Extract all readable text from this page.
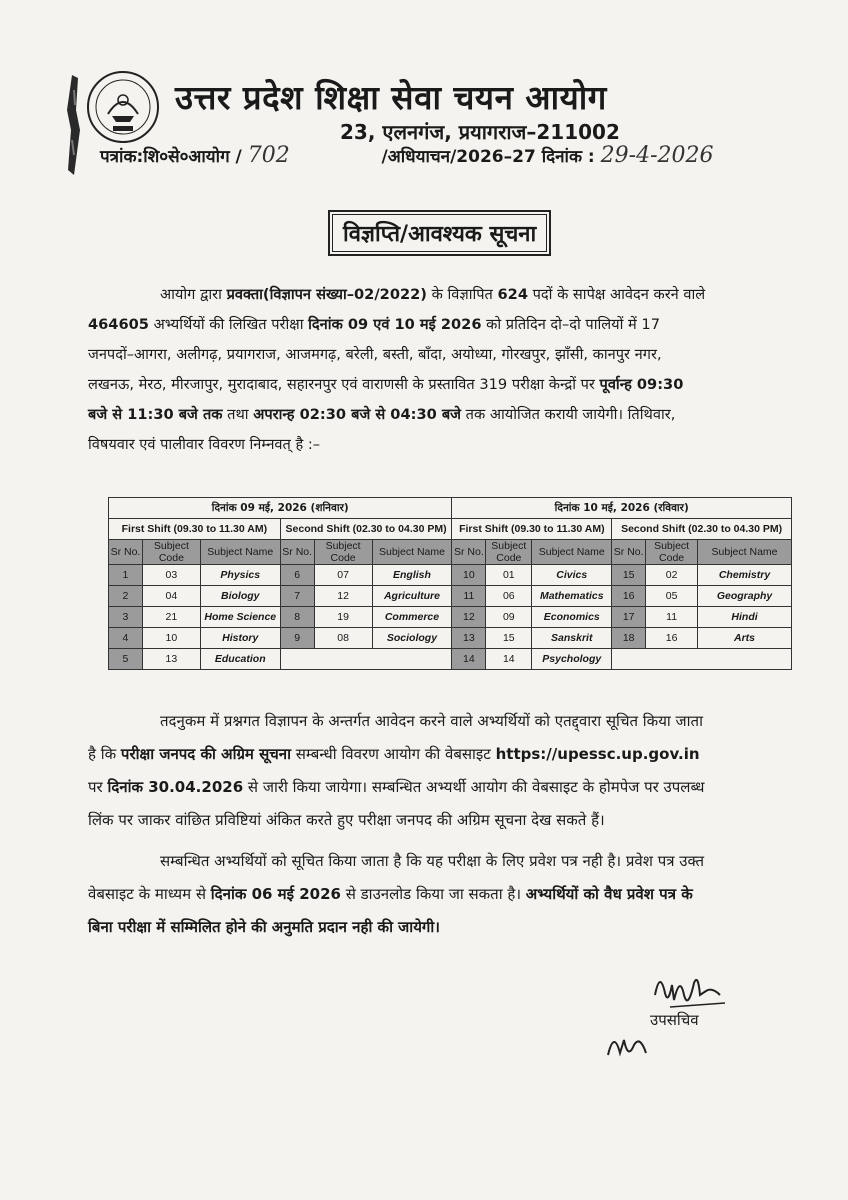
उत्तर प्रदेश शिक्षा सेवा चयन आयोग
23, एलनगंज, प्रयागराज–211002
पत्रांक:शि०से०आयोग / 702	/अधियाचन/2026–27 दिनांक : 29-4-2026
विज्ञप्ति/आवश्यक सूचना
आयोग द्वारा प्रवक्ता(विज्ञापन संख्या–02/2022) के विज्ञापित 624 पदों के सापेक्ष आवेदन करने वाले
464605 अभ्यर्थियों की लिखित परीक्षा दिनांक 09 एवं 10 मई 2026 को प्रतिदिन दो–दो पालियों में 17
जनपदों–आगरा, अलीगढ़, प्रयागराज, आजमगढ़, बरेली, बस्ती, बाँदा, अयोध्या, गोरखपुर, झाँसी, कानपुर नगर,
लखनऊ, मेरठ, मीरजापुर, मुरादाबाद, सहारनपुर एवं वाराणसी के प्रस्तावित 319 परीक्षा केन्द्रों पर पूर्वान्ह 09:30
बजे से 11:30 बजे तक तथा अपरान्ह 02:30 बजे से 04:30 बजे तक आयोजित करायी जायेगी। तिथिवार,
विषयवार एवं पालीवार विवरण निम्नवत् है :–
दिनांक 09 मई, 2026 (शनिवार)						दिनांक 10 मई, 2026 (रविवार)					
First Shift (09.30 to 11.30 AM)			Second Shift (02.30 to 04.30 PM)			First Shift (09.30 to 11.30 AM)			Second Shift (02.30 to 04.30 PM)		
Sr No.	Subject Code	Subject Name	Sr No.	Subject Code	Subject Name	Sr No.	Subject Code	Subject Name	Sr No.	Subject Code	Subject Name
1	03	Physics	6	07	English	10	01	Civics	15	02	Chemistry
2	04	Biology	7	12	Agriculture	11	06	Mathematics	16	05	Geography
3	21	Home Science	8	19	Commerce	12	09	Economics	17	11	Hindi
4	10	History	9	08	Sociology	13	15	Sanskrit	18	16	Arts
5	13	Education				14	14	Psychology			
तदनुकम में प्रश्नगत विज्ञापन के अन्तर्गत आवेदन करने वाले अभ्यर्थियों को एतद्द्वारा सूचित किया जाता
है कि परीक्षा जनपद की अग्रिम सूचना सम्बन्धी विवरण आयोग की वेबसाइट https://upessc.up.gov.in
पर दिनांक 30.04.2026 से जारी किया जायेगा। सम्बन्धित अभ्यर्थी आयोग की वेबसाइट के होमपेज पर उपलब्ध
लिंक पर जाकर वांछित प्रविष्टियां अंकित करते हुए परीक्षा जनपद की अग्रिम सूचना देख सकते हैं।
सम्बन्धित अभ्यर्थियों को सूचित किया जाता है कि यह परीक्षा के लिए प्रवेश पत्र नही है। प्रवेश पत्र उक्त
वेबसाइट के माध्यम से दिनांक 06 मई 2026 से डाउनलोड किया जा सकता है। अभ्यर्थियों को वैध प्रवेश पत्र के
बिना परीक्षा में सम्मिलित होने की अनुमति प्रदान नही की जायेगी।
उपसचिव
